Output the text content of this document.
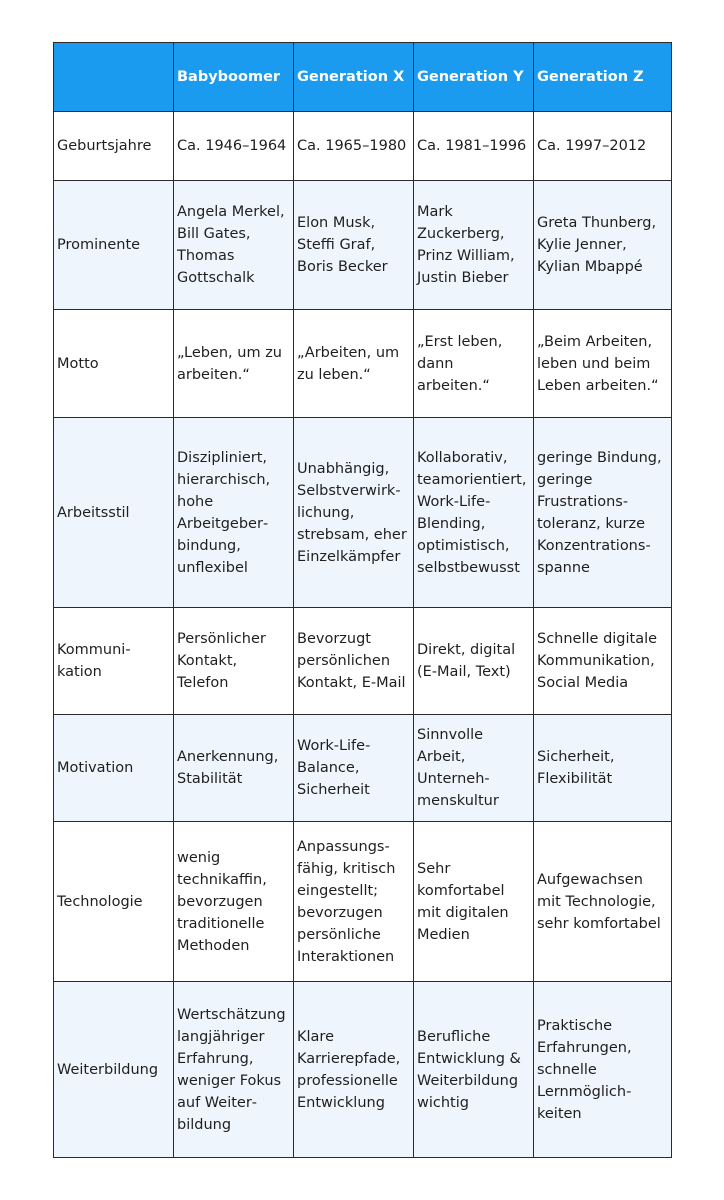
	Babyboomer	Generation X	Generation Y	Generation Z
Geburtsjahre	Ca. 1946–1964	Ca. 1965–1980	Ca. 1981–1996	Ca. 1997–2012
Prominente	Angela Merkel, Bill Gates, Thomas Gottschalk	Elon Musk, Steffi Graf, Boris Becker	Mark Zuckerberg, Prinz William, Justin Bieber	Greta Thunberg, Kylie Jenner, Kylian Mbappé
Motto	„Leben, um zu arbeiten.“	„Arbeiten, um zu leben.“	„Erst leben, dann arbeiten.“	„Beim Arbeiten, leben und beim Leben arbeiten.“
Arbeitsstil	Diszipliniert, hierarchisch, hohe Arbeitgeberbindung, unflexibel	Unabhängig, Selbstverwirklichung, strebsam, eher Einzelkämpfer	Kollaborativ, teamorientiert, Work-Life-Blending, optimistisch, selbstbewusst	geringe Bindung, geringe Frustrationstoleranz, kurze Konzentrationsspanne
Kommunikation	Persönlicher Kontakt, Telefon	Bevorzugt persönlichen Kontakt, E-Mail	Direkt, digital (E-Mail, Text)	Schnelle digitale Kommunikation, Social Media
Motivation	Anerkennung, Stabilität	Work-Life-Balance, Sicherheit	Sinnvolle Arbeit, Unternehmenskultur	Sicherheit, Flexibilität
Technologie	wenig technikaffin, bevorzugen traditionelle Methoden	Anpassungsfähig, kritisch eingestellt; bevorzugen persönliche Interaktionen	Sehr komfortabel mit digitalen Medien	Aufgewachsen mit Technologie, sehr komfortabel
Weiterbildung	Wertschätzung langjähriger Erfahrung, weniger Fokus auf Weiterbildung	Klare Karrierepfade, professionelle Entwicklung	Berufliche Entwicklung & Weiterbildung wichtig	Praktische Erfahrungen, schnelle Lernmöglichkeiten
